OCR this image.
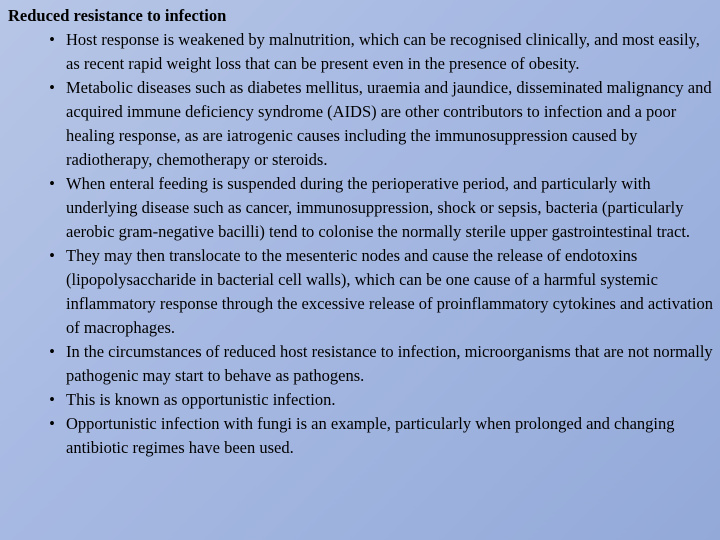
Reduced resistance to infection
• Host response is weakened by malnutrition, which can be recognised clinically, and most easily, as recent rapid weight loss that can be present even in the presence of obesity.
• Metabolic diseases such as diabetes mellitus, uraemia and jaundice, disseminated malignancy and acquired immune deficiency syndrome (AIDS) are other contributors to infection and a poor healing response, as are iatrogenic causes including the immunosuppression caused by radiotherapy, chemotherapy or steroids.
• When enteral feeding is suspended during the perioperative period, and particularly with underlying disease such as cancer, immunosuppression, shock or sepsis, bacteria (particularly aerobic gram-negative bacilli) tend to colonise the normally sterile upper gastrointestinal tract.
• They may then translocate to the mesenteric nodes and cause the release of endotoxins (lipopolysaccharide in bacterial cell walls), which can be one cause of a harmful systemic inflammatory response through the excessive release of proinflammatory cytokines and activation of macrophages.
• In the circumstances of reduced host resistance to infection, microorganisms that are not normally pathogenic may start to behave as pathogens.
• This is known as opportunistic infection.
• Opportunistic infection with fungi is an example, particularly when prolonged and changing antibiotic regimes have been used.
